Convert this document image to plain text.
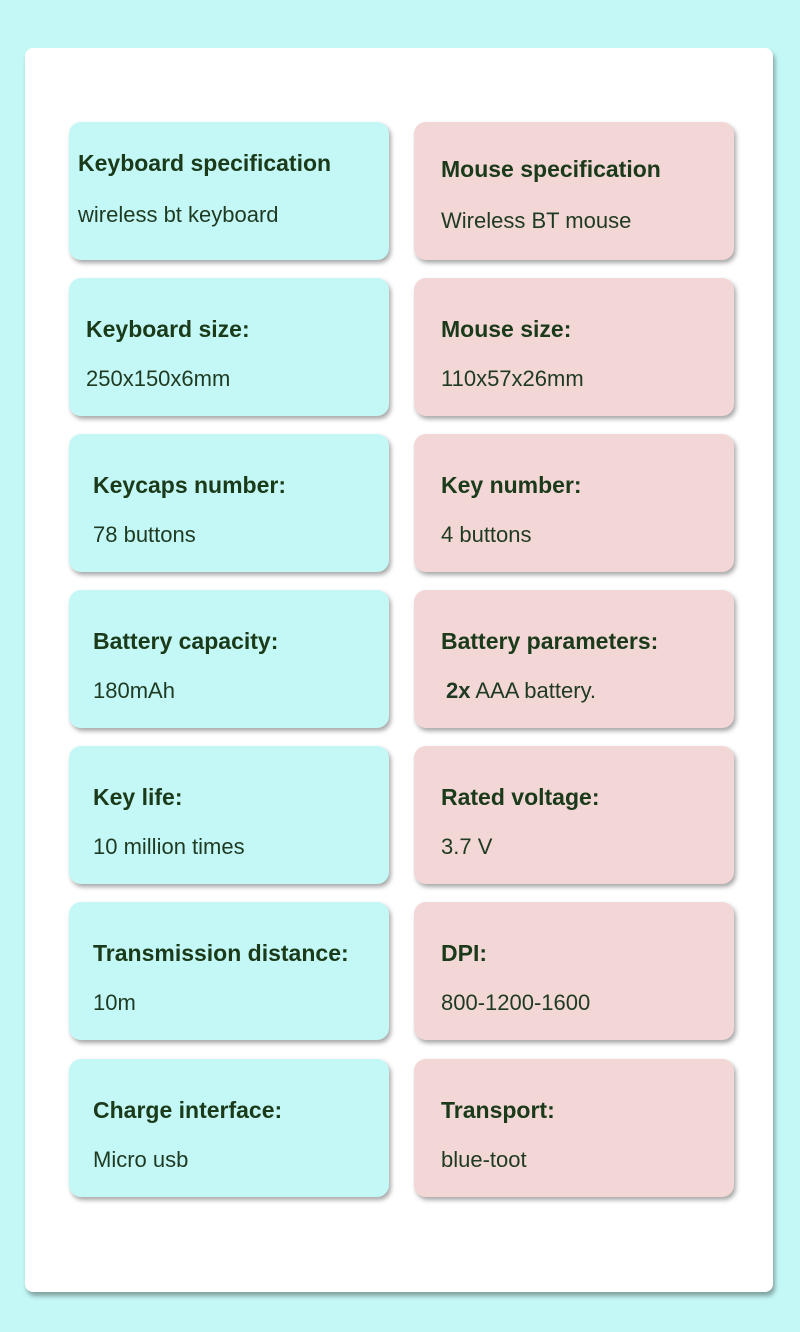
Keyboard specification
wireless bt keyboard
Keyboard size:
250x150x6mm
Keycaps number:
78 buttons
Battery capacity:
180mAh
Key life:
10 million times
Transmission distance:
10m
Charge interface:
Micro usb
Mouse specification
Wireless BT mouse
Mouse size:
110x57x26mm
Key number:
4 buttons
Battery parameters:
2x AAA battery.
Rated voltage:
3.7 V
DPI:
800-1200-1600
Transport:
blue-toot
